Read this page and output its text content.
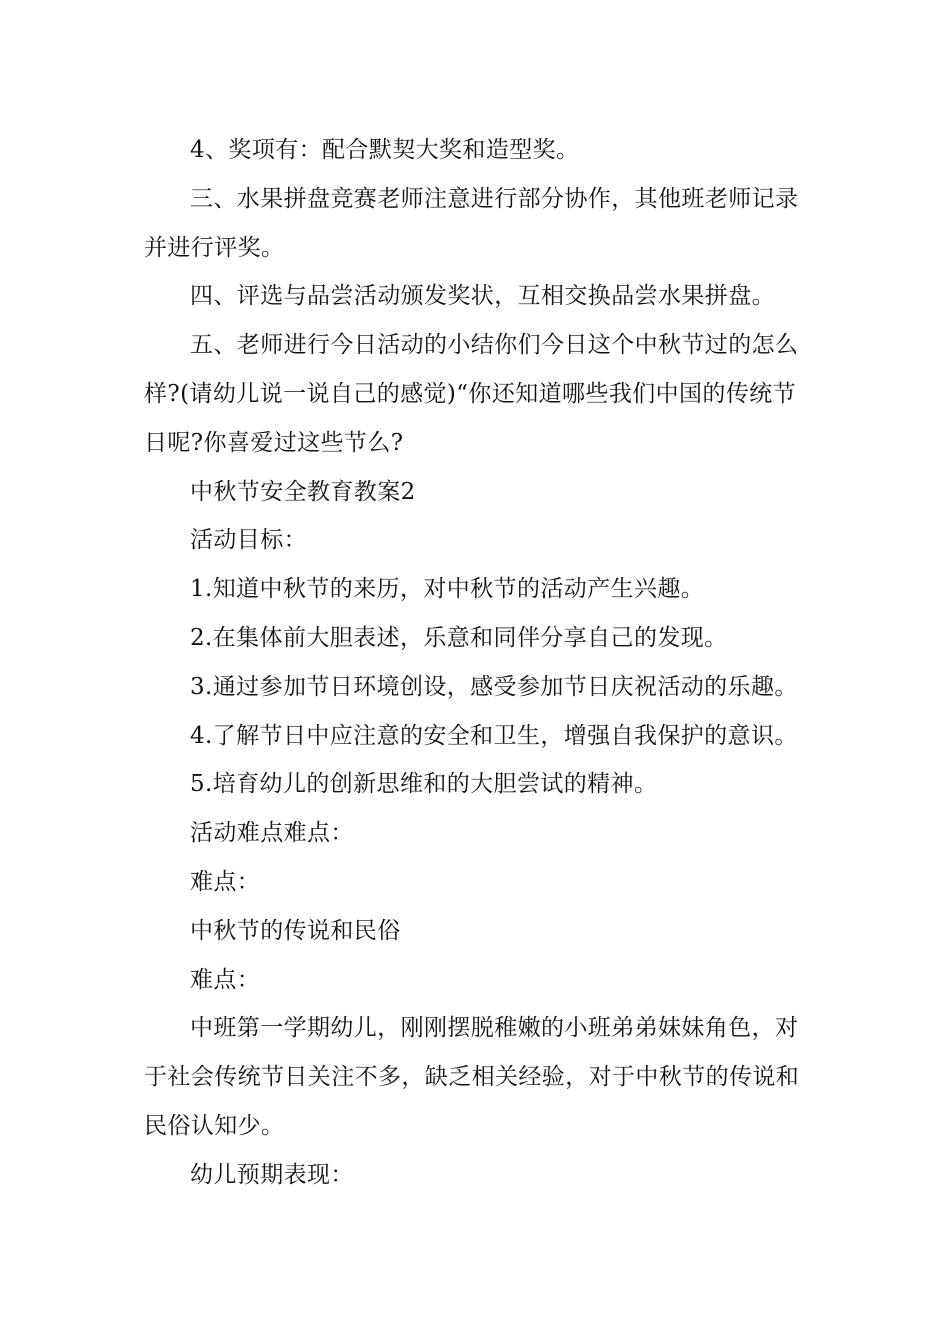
4、奖项有：配合默契大奖和造型奖。

三、水果拼盘竞赛老师注意进行部分协作，其他班老师记录并进行评奖。

四、评选与品尝活动颁发奖状，互相交换品尝水果拼盘。

五、老师进行今日活动的小结你们今日这个中秋节过的怎么样?(请幼儿说一说自己的感觉)“你还知道哪些我们中国的传统节日呢?你喜爱过这些节么?

中秋节安全教育教案2

活动目标：

1.知道中秋节的来历，对中秋节的活动产生兴趣。

2.在集体前大胆表述，乐意和同伴分享自己的发现。

3.通过参加节日环境创设，感受参加节日庆祝活动的乐趣。

4.了解节日中应注意的安全和卫生，增强自我保护的意识。

5.培育幼儿的创新思维和的大胆尝试的精神。

活动难点难点：

难点：

中秋节的传说和民俗

难点：

中班第一学期幼儿，刚刚摆脱稚嫩的小班弟弟妹妹角色，对于社会传统节日关注不多，缺乏相关经验，对于中秋节的传说和民俗认知少。

幼儿预期表现：
